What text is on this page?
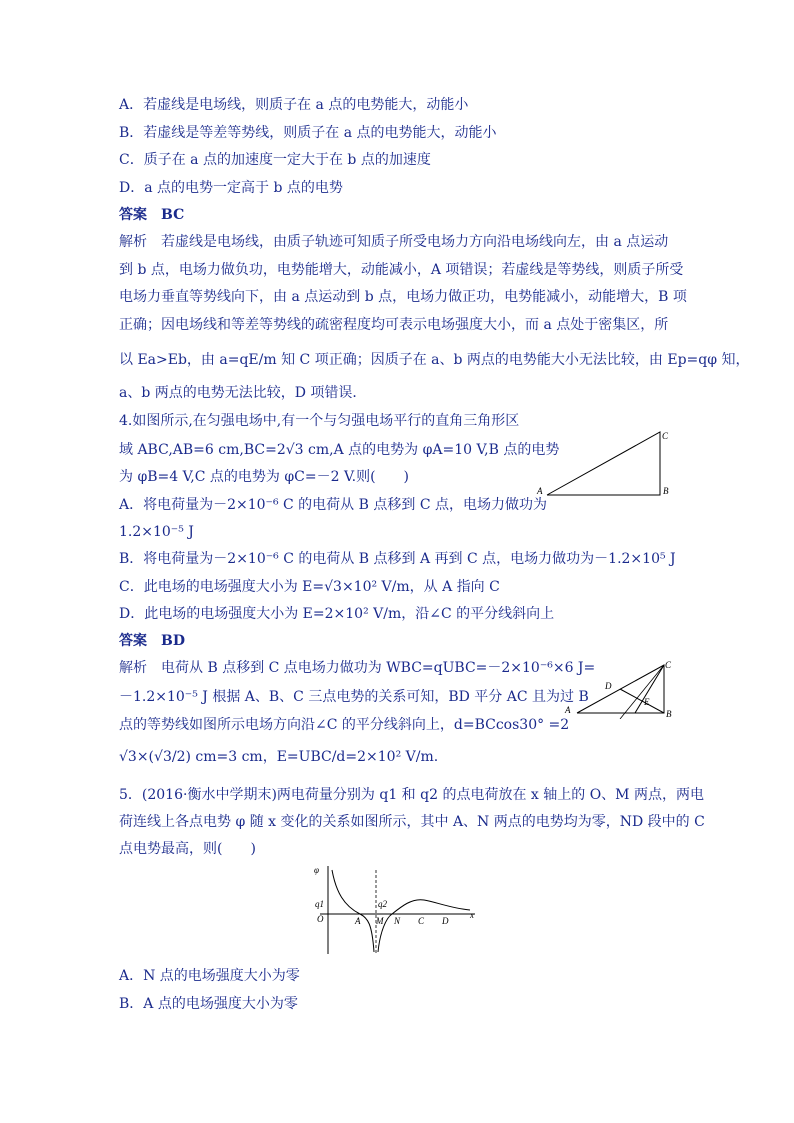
A．若虚线是电场线，则质子在 a 点的电势能大，动能小
B．若虚线是等差等势线，则质子在 a 点的电势能大，动能小
C．质子在 a 点的加速度一定大于在 b 点的加速度
D．a 点的电势一定高于 b 点的电势
答案　BC
解析　若虚线是电场线，由质子轨迹可知质子所受电场力方向沿电场线向左，由 a 点运动
到 b 点，电场力做负功，电势能增大，动能减小，A 项错误；若虚线是等势线，则质子所受
电场力垂直等势线向下，由 a 点运动到 b 点，电场力做正功，电势能减小，动能增大，B 项
正确；因电场线和等差等势线的疏密程度均可表示电场强度大小，而 a 点处于密集区，所
以 Ea>Eb，由 a=qE/m 知 C 项正确；因质子在 a、b 两点的电势能大小无法比较，由 Ep=qφ 知，
a、b 两点的电势无法比较，D 项错误．
4.如图所示,在匀强电场中,有一个与匀强电场平行的直角三角形区
域 ABC,AB=6 cm,BC=2√3 cm,A 点的电势为 φA=10 V,B 点的电势
为 φB=4 V,C 点的电势为 φC=－2 V.则(　　)
A	B
C
A．将电荷量为－2×10⁻⁶ C 的电荷从 B 点移到 C 点，电场力做功为
1.2×10⁻⁵ J
B．将电荷量为－2×10⁻⁶ C 的电荷从 B 点移到 A 再到 C 点，电场力做功为－1.2×10⁵ J
C．此电场的电场强度大小为 E=√3×10² V/m，从 A 指向 C
D．此电场的电场强度大小为 E=2×10² V/m，沿∠C 的平分线斜向上
答案　BD
解析　电荷从 B 点移到 C 点电场力做功为 WBC=qUBC=－2×10⁻⁶×6 J=
－1.2×10⁻⁵ J 根据 A、B、C 三点电势的关系可知，BD 平分 AC 且为过 B
点的等势线如图所示电场方向沿∠C 的平分线斜向上，d=BCcos30° =2
√3×(√3/2) cm=3 cm，E=UBC/d=2×10² V/m.
A	B
C
D
E
5．(2016·衡水中学期末)两电荷量分别为 q1 和 q2 的点电荷放在 x 轴上的 O、M 两点，两电
荷连线上各点电势 φ 随 x 变化的关系如图所示，其中 A、N 两点的电势均为零，ND 段中的 C
点电势最高，则(　　)
φ
q1	q2
O	A M N C D
x
A．N 点的电场强度大小为零
B．A 点的电场强度大小为零
